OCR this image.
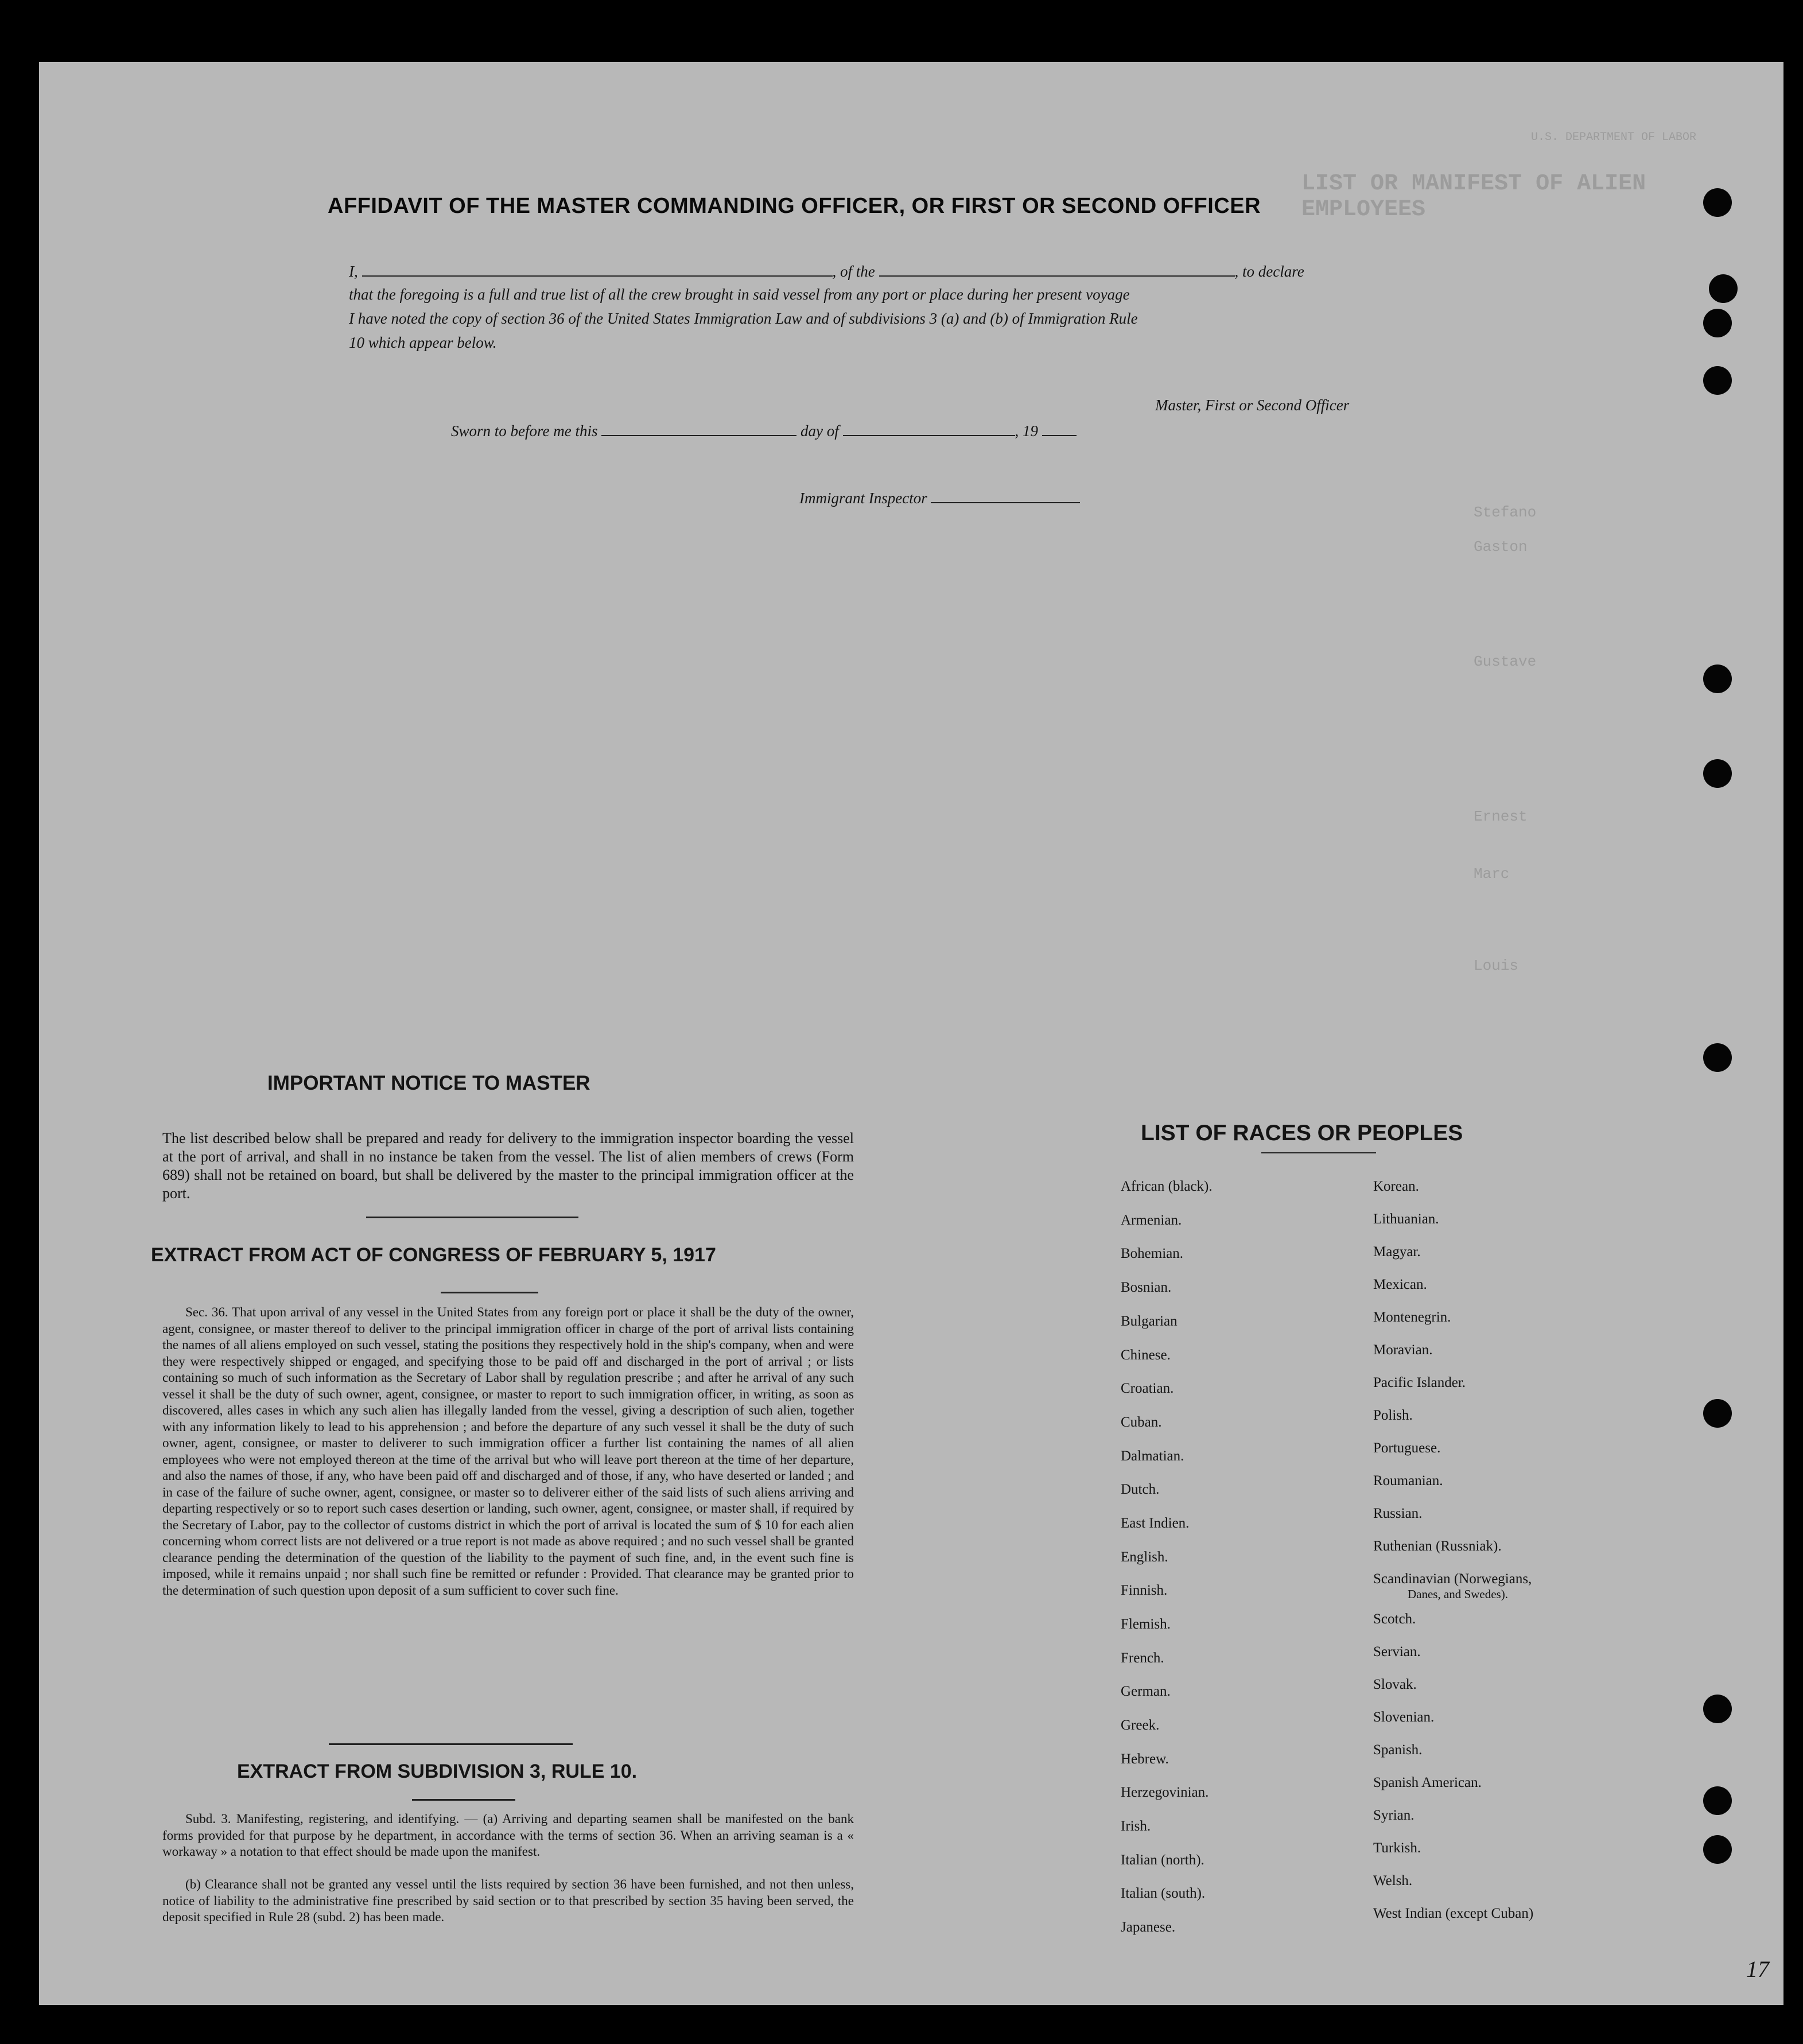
U.S. DEPARTMENT OF LABOR
LIST OR MANIFEST OF ALIEN EMPLOYEES
Stefano
Gaston
Gustave
Ernest
Marc
Louis
AFFIDAVIT OF THE MASTER COMMANDING OFFICER, OR FIRST OR SECOND OFFICER
I,	, of the	, to declare
that the foregoing is a full and true list of all the crew brought in said vessel from any port or place during her present voyage
I have noted the copy of section 36 of the United States Immigration Law and of subdivisions 3 (a) and (b) of Immigration Rule
10 which appear below.
Master, First or Second Officer
Sworn to before me this	day of	, 19
Immigrant Inspector
IMPORTANT NOTICE TO MASTER
The list described below shall be prepared and ready for delivery to the immigration inspector boarding the vessel at the port of arrival, and shall in no instance be taken from the vessel. The list of alien members of crews (Form 689) shall not be retained on board, but shall be delivered by the master to the principal immigration officer at the port.
EXTRACT FROM ACT OF CONGRESS OF FEBRUARY 5, 1917
Sec. 36. That upon arrival of any vessel in the United States from any foreign port or place it shall be the duty of the owner, agent, consignee, or master thereof to deliver to the principal immigration officer in charge of the port of arrival lists containing the names of all aliens employed on such vessel, stating the positions they respectively hold in the ship's company, when and were they were respectively shipped or engaged, and specifying those to be paid off and discharged in the port of arrival ; or lists containing so much of such information as the Secretary of Labor shall by regulation prescribe ; and after he arrival of any such vessel it shall be the duty of such owner, agent, consignee, or master to report to such immigration officer, in writing, as soon as discovered, alles cases in which any such alien has illegally landed from the vessel, giving a description of such alien, together with any information likely to lead to his apprehension ; and before the departure of any such vessel it shall be the duty of such owner, agent, consignee, or master to deliverer to such immigration officer a further list containing the names of all alien employees who were not employed thereon at the time of the arrival but who will leave port thereon at the time of her departure, and also the names of those, if any, who have been paid off and discharged and of those, if any, who have deserted or landed ; and in case of the failure of suche owner, agent, consignee, or master so to deliverer either of the said lists of such aliens arriving and departing respectively or so to report such cases desertion or landing, such owner, agent, consignee, or master shall, if required by the Secretary of Labor, pay to the collector of customs district in which the port of arrival is located the sum of $ 10 for each alien concerning whom correct lists are not delivered or a true report is not made as above required ; and no such vessel shall be granted clearance pending the determination of the question of the liability to the payment of such fine, and, in the event such fine is imposed, while it remains unpaid ; nor shall such fine be remitted or refunder : Provided. That clearance may be granted prior to the determination of such question upon deposit of a sum sufficient to cover such fine.
EXTRACT FROM SUBDIVISION 3, RULE 10.
Subd. 3. Manifesting, registering, and identifying. — (a) Arriving and departing seamen shall be manifested on the bank forms provided for that purpose by he department, in accordance with the terms of section 36. When an arriving seaman is a « workaway » a notation to that effect should be made upon the manifest.
(b) Clearance shall not be granted any vessel until the lists required by section 36 have been furnished, and not then unless, notice of liability to the administrative fine prescribed by said section or to that prescribed by section 35 having been served, the deposit specified in Rule 28 (subd. 2) has been made.
LIST OF RACES OR PEOPLES
African (black).
Armenian.
Bohemian.
Bosnian.
Bulgarian
Chinese.
Croatian.
Cuban.
Dalmatian.
Dutch.
East Indien.
English.
Finnish.
Flemish.
French.
German.
Greek.
Hebrew.
Herzegovinian.
Irish.
Italian (north).
Italian (south).
Japanese.
Korean.
Lithuanian.
Magyar.
Mexican.
Montenegrin.
Moravian.
Pacific Islander.
Polish.
Portuguese.
Roumanian.
Russian.
Ruthenian (Russniak).
Scandinavian (Norwegians,
Danes, and Swedes).
Scotch.
Servian.
Slovak.
Slovenian.
Spanish.
Spanish American.
Syrian.
Turkish.
Welsh.
West Indian (except Cuban)
17
